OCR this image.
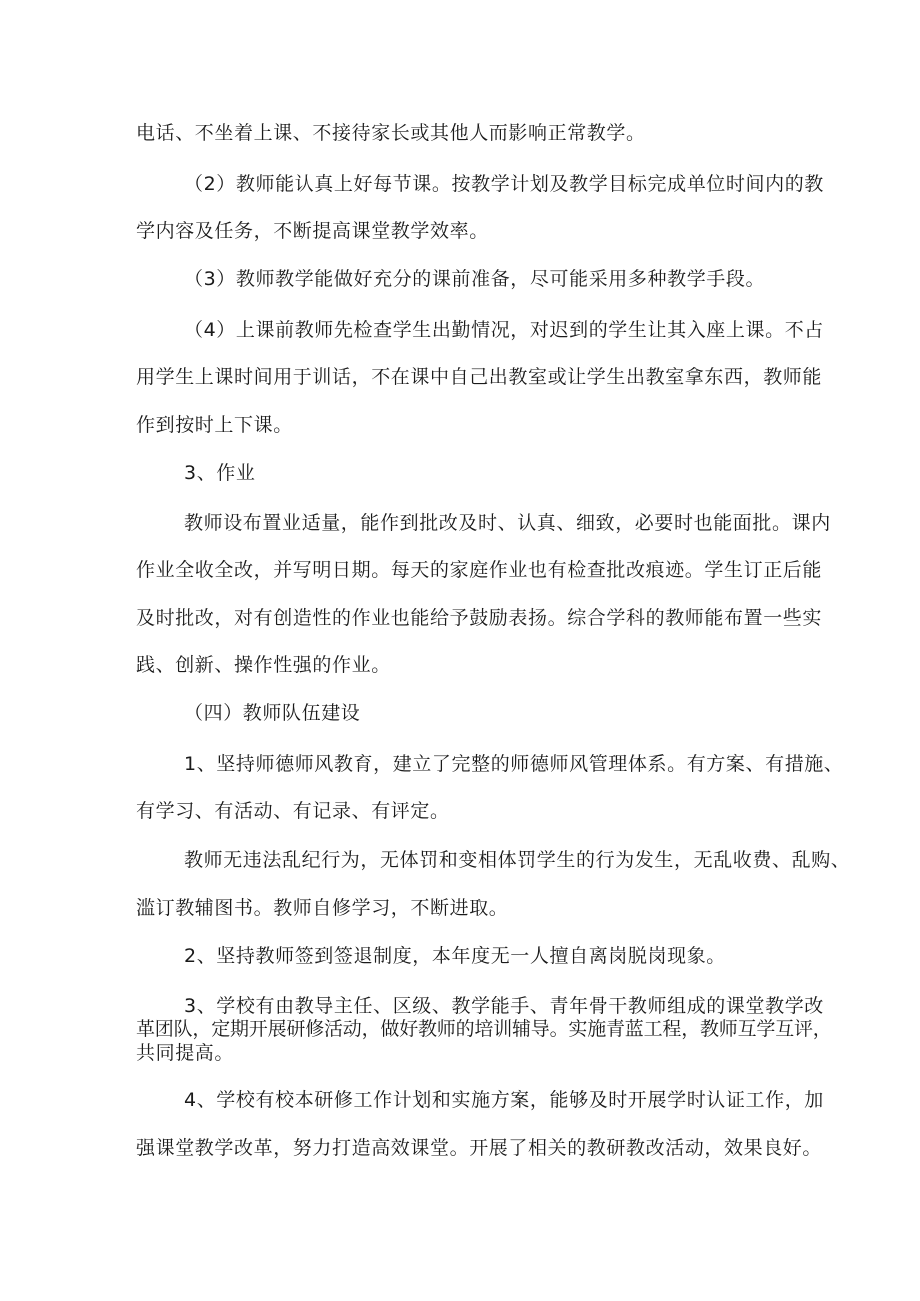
电话、不坐着上课、不接待家长或其他人而影响正常教学。
（2）教师能认真上好每节课。按教学计划及教学目标完成单位时间内的教
学内容及任务，不断提高课堂教学效率。
（3）教师教学能做好充分的课前准备，尽可能采用多种教学手段。
（4）上课前教师先检查学生出勤情况，对迟到的学生让其入座上课。不占
用学生上课时间用于训话，不在课中自己出教室或让学生出教室拿东西，教师能
作到按时上下课。
3、作业
教师设布置业适量，能作到批改及时、认真、细致，必要时也能面批。课内
作业全收全改，并写明日期。每天的家庭作业也有检查批改痕迹。学生订正后能
及时批改，对有创造性的作业也能给予鼓励表扬。综合学科的教师能布置一些实
践、创新、操作性强的作业。
（四）教师队伍建设
1、坚持师德师风教育，建立了完整的师德师风管理体系。有方案、有措施、
有学习、有活动、有记录、有评定。
教师无违法乱纪行为，无体罚和变相体罚学生的行为发生，无乱收费、乱购、
滥订教辅图书。教师自修学习，不断进取。
2、坚持教师签到签退制度，本年度无一人擅自离岗脱岗现象。
3、学校有由教导主任、区级、教学能手、青年骨干教师组成的课堂教学改
革团队，定期开展研修活动，做好教师的培训辅导。实施青蓝工程，教师互学互评，
共同提高。
4、学校有校本研修工作计划和实施方案，能够及时开展学时认证工作，加
强课堂教学改革，努力打造高效课堂。开展了相关的教研教改活动，效果良好。
